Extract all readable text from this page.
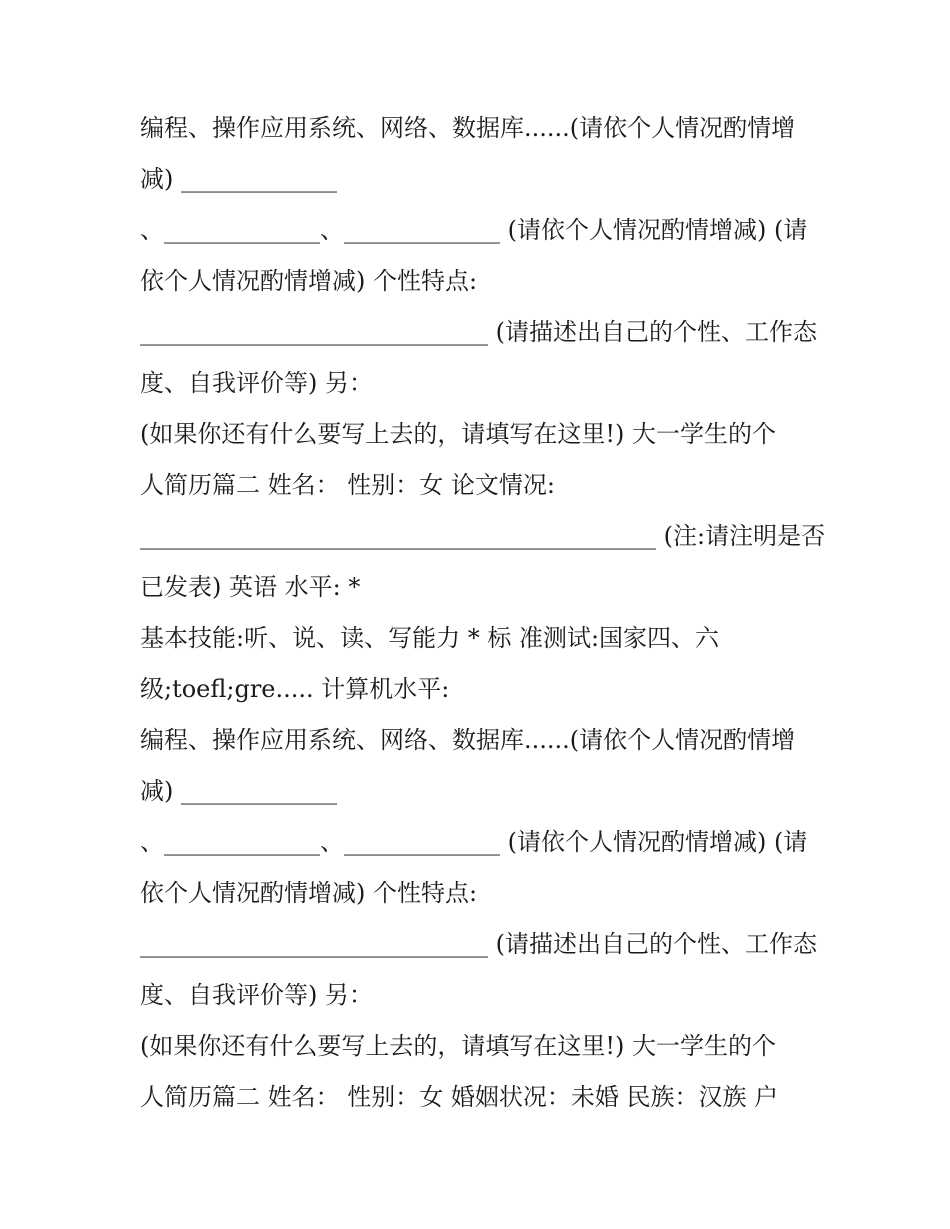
编程、操作应用系统、网络、数据库......(请依个人情况酌情增
减) _____________
、_____________、_____________ (请依个人情况酌情增减) (请
依个人情况酌情增减) 个性特点:
_____________________________ (请描述出自己的个性、工作态
度、自我评价等) 另：
(如果你还有什么要写上去的，请填写在这里!) 大一学生的个
人简历篇二 姓名： 性别：女 论文情况:
___________________________________________ (注:请注明是否
已发表) 英语 水平: *
基本技能:听、说、读、写能力 * 标 准测试:国家四、六
级;toefl;gre..... 计算机水平:
编程、操作应用系统、网络、数据库......(请依个人情况酌情增
减) _____________
、_____________、_____________ (请依个人情况酌情增减) (请
依个人情况酌情增减) 个性特点:
_____________________________ (请描述出自己的个性、工作态
度、自我评价等) 另：
(如果你还有什么要写上去的，请填写在这里!) 大一学生的个
人简历篇二 姓名： 性别：女 婚姻状况：未婚 民族：汉族 户
